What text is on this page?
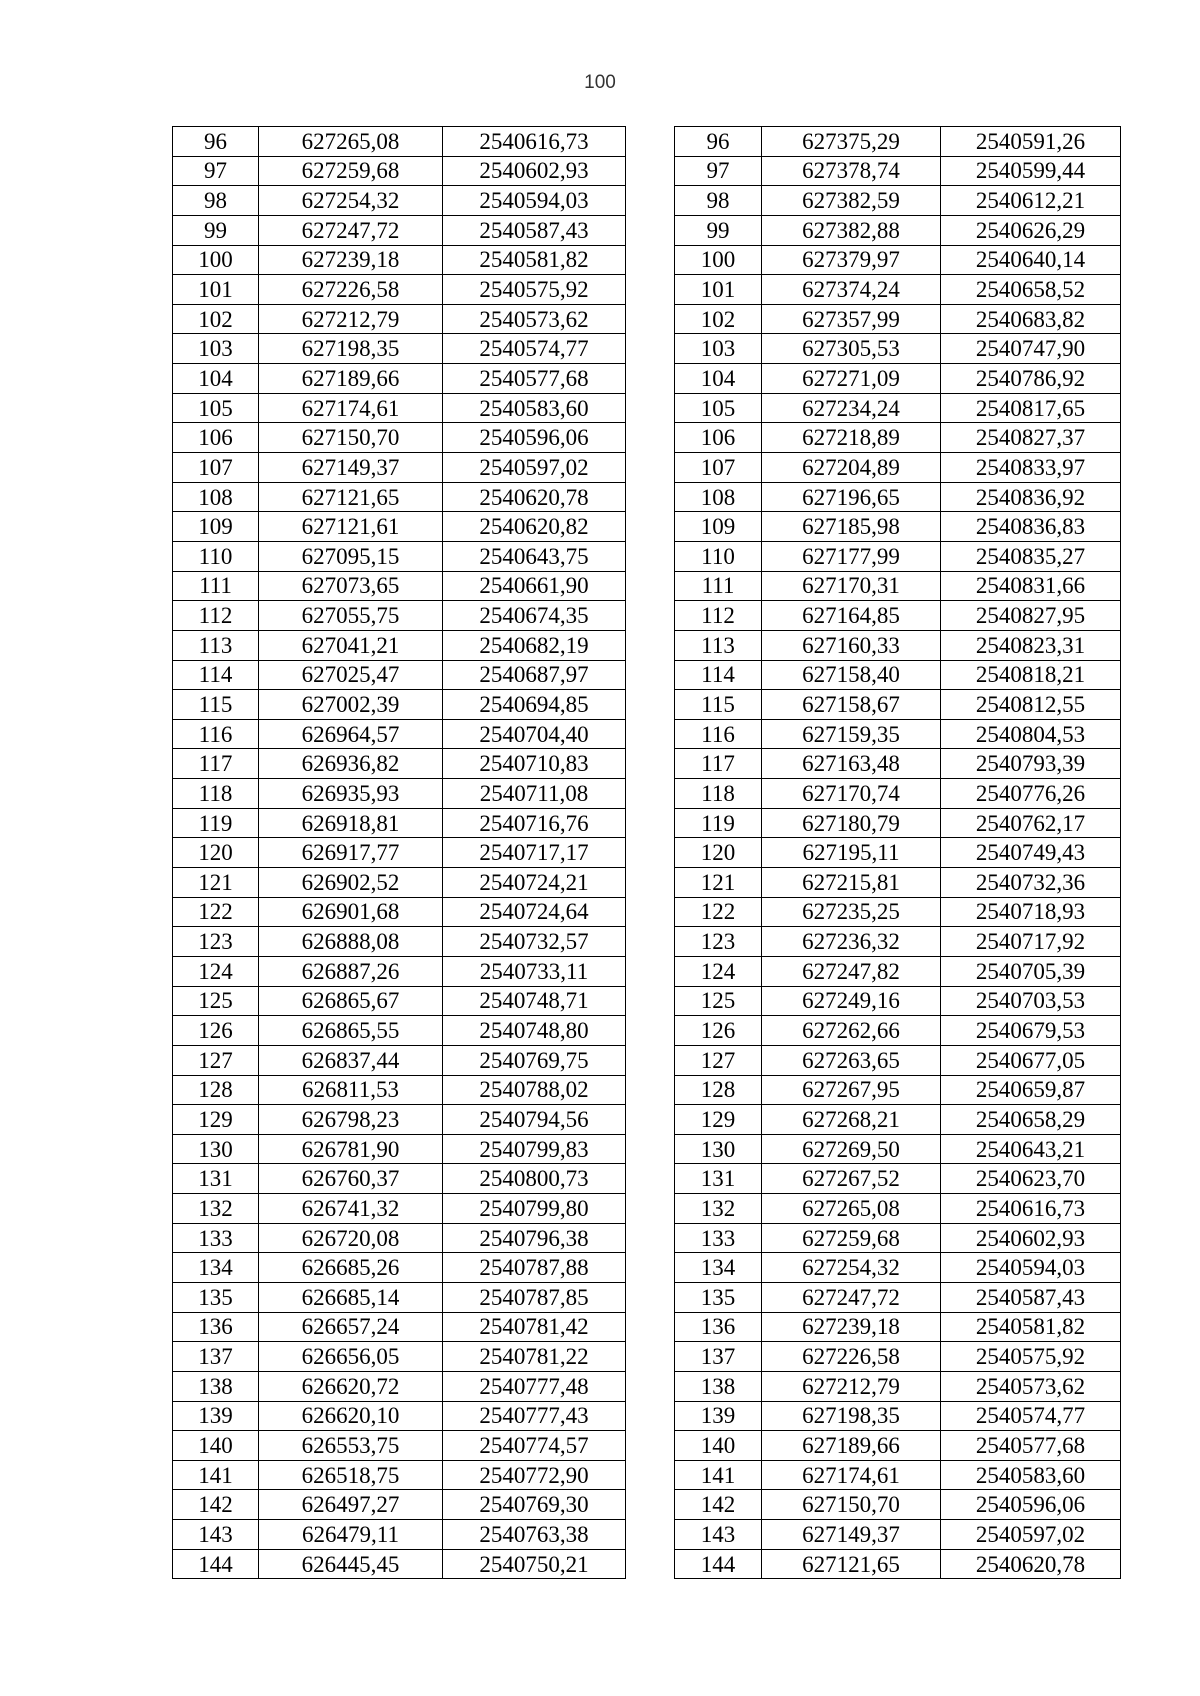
100
96	627265,08	2540616,73		96	627375,29	2540591,26
97	627259,68	2540602,93		97	627378,74	2540599,44
98	627254,32	2540594,03		98	627382,59	2540612,21
99	627247,72	2540587,43		99	627382,88	2540626,29
100	627239,18	2540581,82		100	627379,97	2540640,14
101	627226,58	2540575,92		101	627374,24	2540658,52
102	627212,79	2540573,62		102	627357,99	2540683,82
103	627198,35	2540574,77		103	627305,53	2540747,90
104	627189,66	2540577,68		104	627271,09	2540786,92
105	627174,61	2540583,60		105	627234,24	2540817,65
106	627150,70	2540596,06		106	627218,89	2540827,37
107	627149,37	2540597,02		107	627204,89	2540833,97
108	627121,65	2540620,78		108	627196,65	2540836,92
109	627121,61	2540620,82		109	627185,98	2540836,83
110	627095,15	2540643,75		110	627177,99	2540835,27
111	627073,65	2540661,90		111	627170,31	2540831,66
112	627055,75	2540674,35		112	627164,85	2540827,95
113	627041,21	2540682,19		113	627160,33	2540823,31
114	627025,47	2540687,97		114	627158,40	2540818,21
115	627002,39	2540694,85		115	627158,67	2540812,55
116	626964,57	2540704,40		116	627159,35	2540804,53
117	626936,82	2540710,83		117	627163,48	2540793,39
118	626935,93	2540711,08		118	627170,74	2540776,26
119	626918,81	2540716,76		119	627180,79	2540762,17
120	626917,77	2540717,17		120	627195,11	2540749,43
121	626902,52	2540724,21		121	627215,81	2540732,36
122	626901,68	2540724,64		122	627235,25	2540718,93
123	626888,08	2540732,57		123	627236,32	2540717,92
124	626887,26	2540733,11		124	627247,82	2540705,39
125	626865,67	2540748,71		125	627249,16	2540703,53
126	626865,55	2540748,80		126	627262,66	2540679,53
127	626837,44	2540769,75		127	627263,65	2540677,05
128	626811,53	2540788,02		128	627267,95	2540659,87
129	626798,23	2540794,56		129	627268,21	2540658,29
130	626781,90	2540799,83		130	627269,50	2540643,21
131	626760,37	2540800,73		131	627267,52	2540623,70
132	626741,32	2540799,80		132	627265,08	2540616,73
133	626720,08	2540796,38		133	627259,68	2540602,93
134	626685,26	2540787,88		134	627254,32	2540594,03
135	626685,14	2540787,85		135	627247,72	2540587,43
136	626657,24	2540781,42		136	627239,18	2540581,82
137	626656,05	2540781,22		137	627226,58	2540575,92
138	626620,72	2540777,48		138	627212,79	2540573,62
139	626620,10	2540777,43		139	627198,35	2540574,77
140	626553,75	2540774,57		140	627189,66	2540577,68
141	626518,75	2540772,90		141	627174,61	2540583,60
142	626497,27	2540769,30		142	627150,70	2540596,06
143	626479,11	2540763,38		143	627149,37	2540597,02
144	626445,45	2540750,21		144	627121,65	2540620,78
